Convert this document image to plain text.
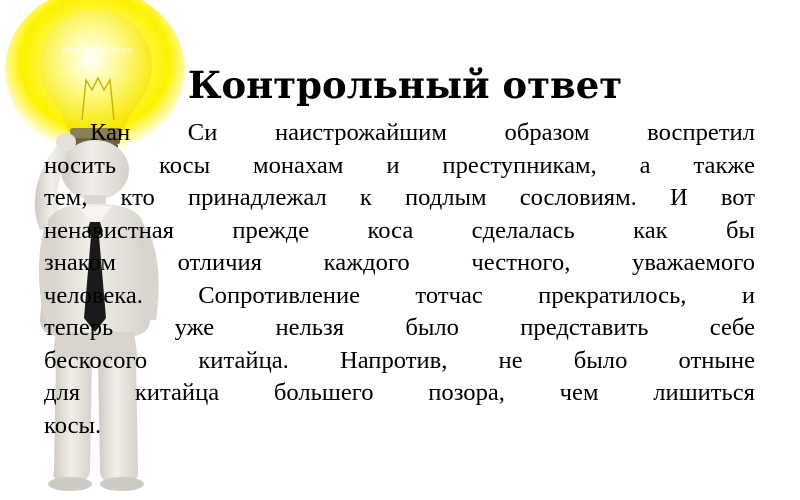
depositphotos
Контрольный ответ

Кан Си наистрожайшим образом воспретил
носить косы монахам и преступникам, а также
тем, кто принадлежал к подлым сословиям. И вот
ненавистная прежде коса сделалась как бы
знаком отличия каждого честного, уважаемого
человека. Сопротивление тотчас прекратилось, и
теперь уже нельзя было представить себе
бескосого китайца. Напротив, не было отныне
для китайца большего позора, чем лишиться
косы.
